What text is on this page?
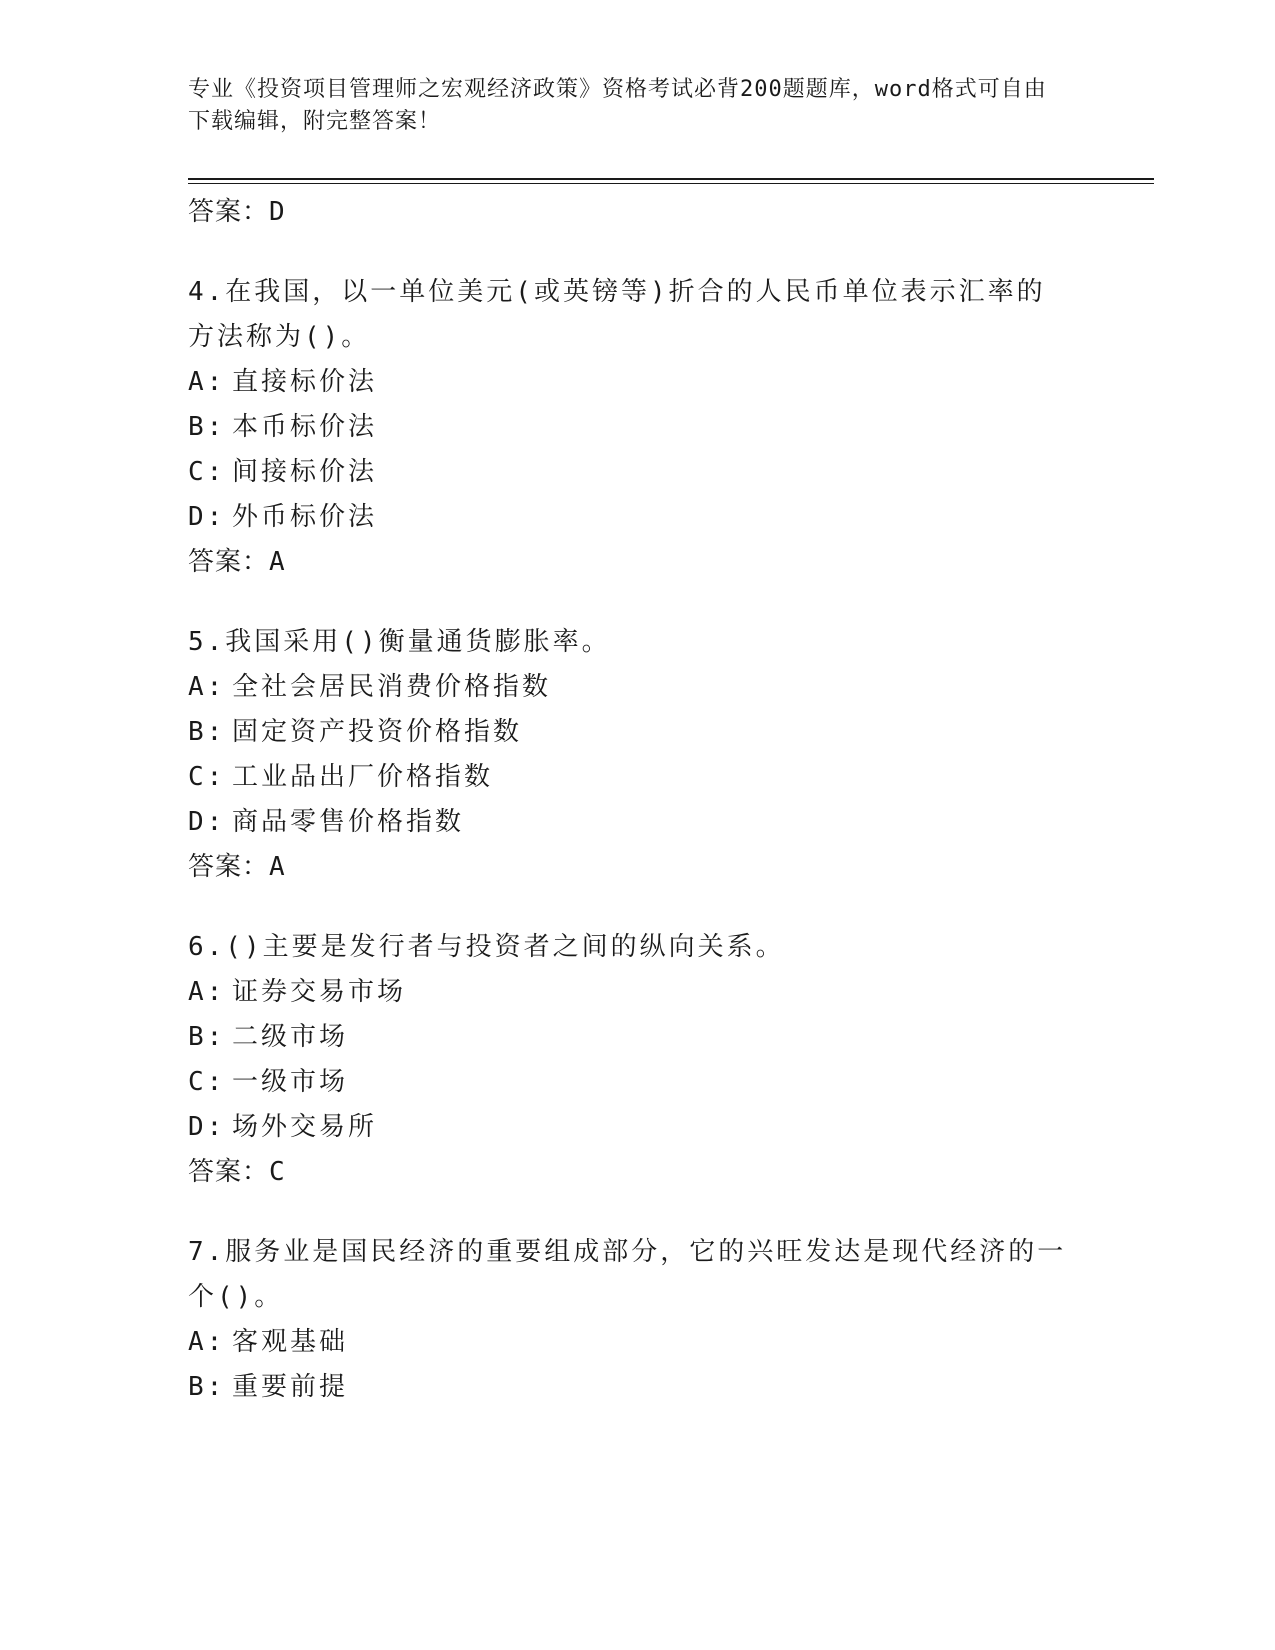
专业《投资项目管理师之宏观经济政策》资格考试必背200题题库，word格式可自由下载编辑，附完整答案！
答案：D
4.在我国，以一单位美元(或英镑等)折合的人民币单位表示汇率的方法称为()。
A: 直接标价法
B: 本币标价法
C: 间接标价法
D: 外币标价法
答案：A
5.我国采用()衡量通货膨胀率。
A: 全社会居民消费价格指数
B: 固定资产投资价格指数
C: 工业品出厂价格指数
D: 商品零售价格指数
答案：A
6.()主要是发行者与投资者之间的纵向关系。
A: 证券交易市场
B: 二级市场
C: 一级市场
D: 场外交易所
答案：C
7.服务业是国民经济的重要组成部分，它的兴旺发达是现代经济的一个()。
A: 客观基础
B: 重要前提
